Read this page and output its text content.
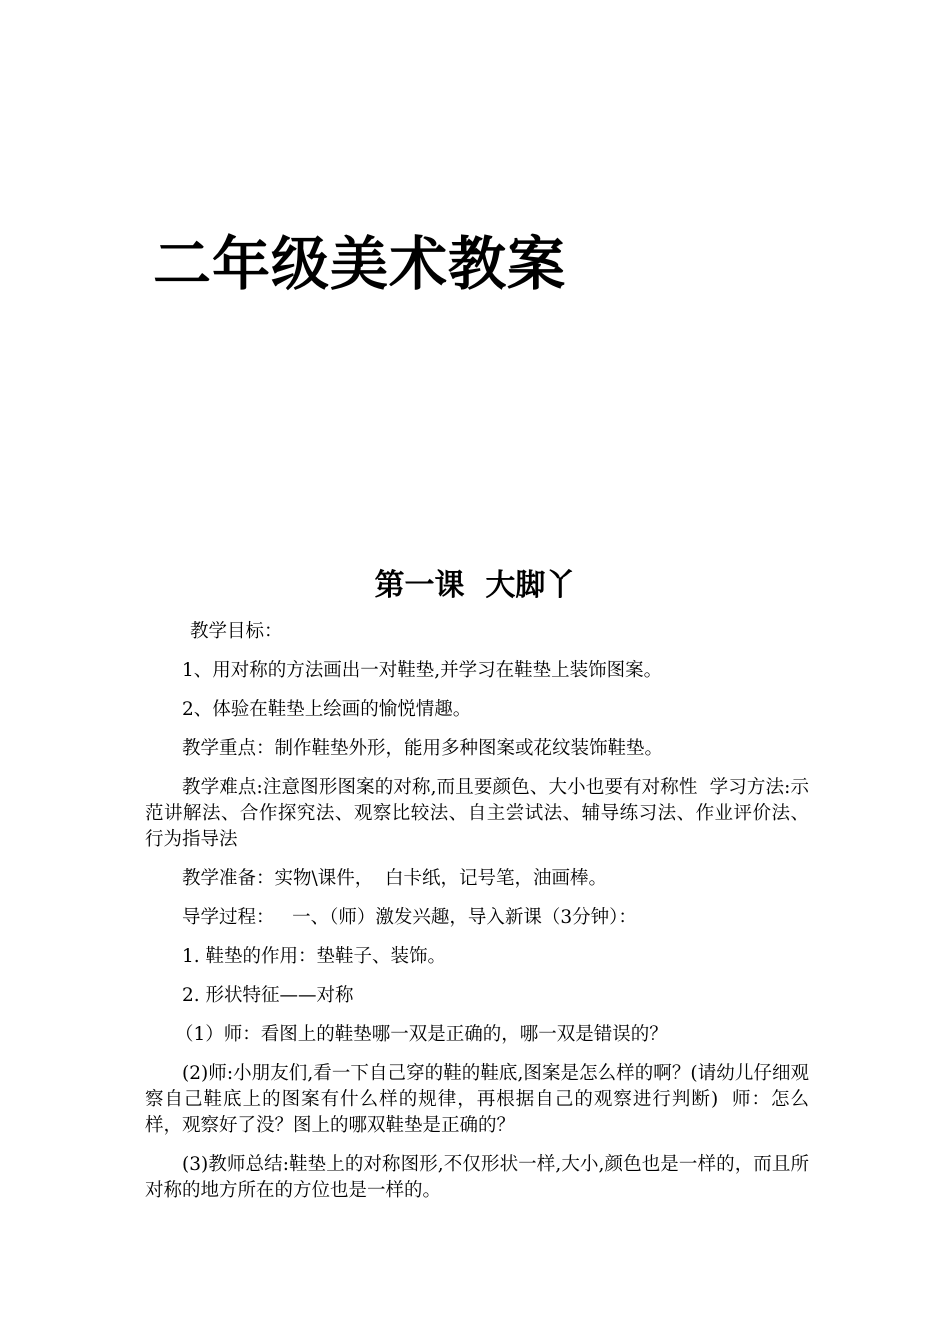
二年级美术教案
第一课  大脚丫

教学目标：

1、用对称的方法画出一对鞋垫,并学习在鞋垫上装饰图案。

2、体验在鞋垫上绘画的愉悦情趣。

教学重点：制作鞋垫外形，能用多种图案或花纹装饰鞋垫。

教学难点:注意图形图案的对称,而且要颜色、大小也要有对称性  学习方法:示范讲解法、合作探究法、观察比较法、自主尝试法、辅导练习法、作业评价法、行为指导法

教学准备：实物\课件，  白卡纸，记号笔，油画棒。

导学过程：   一、（师）激发兴趣，导入新课（3分钟）：

1. 鞋垫的作用：垫鞋子、装饰。

2. 形状特征——对称

（1）师：看图上的鞋垫哪一双是正确的，哪一双是错误的？

(2)师:小朋友们,看一下自己穿的鞋的鞋底,图案是怎么样的啊？(请幼儿仔细观察自己鞋底上的图案有什么样的规律，再根据自己的观察进行判断)  师：怎么样，观察好了没？图上的哪双鞋垫是正确的？

(3)教师总结:鞋垫上的对称图形,不仅形状一样,大小,颜色也是一样的，而且所对称的地方所在的方位也是一样的。
